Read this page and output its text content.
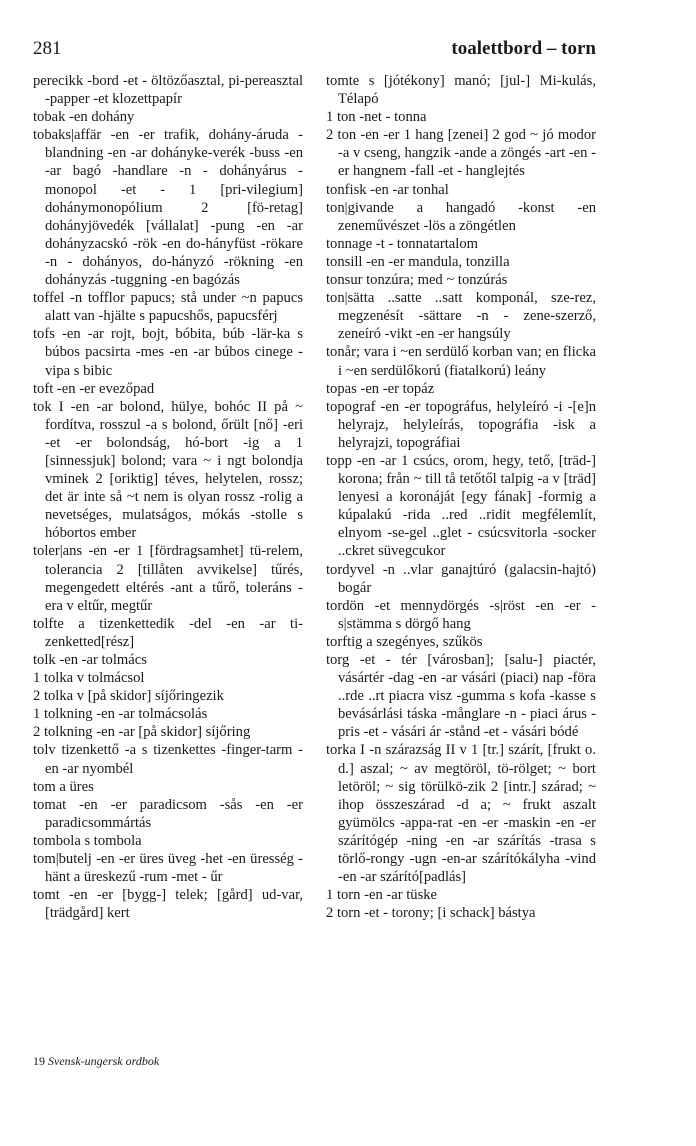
281	toalettbord – torn
perecikk -bord -et - öltözőasztal, pi-pereasztal -papper -et klozettpapír
tobak -en dohány
tobaks|affär -en -er trafik, dohány-áruda -blandning -en -ar dohányke-verék -buss -en -ar bagó -handlare -n - dohányárus -monopol -et - 1 [pri-vilegium] dohánymonopólium 2 [fö-retag] dohányjövedék [vállalat] -pung -en -ar dohányzacskó -rök -en do-hányfüst -rökare -n - dohányos, do-hányzó -rökning -en dohányzás -tuggning -en bagózás
toffel -n tofflor papucs; stå under ~n papucs alatt van -hjälte s papucshős, papucsférj
tofs -en -ar rojt, bojt, bóbita, búb -lär-ka s búbos pacsirta -mes -en -ar búbos cinege -vipa s bibic
toft -en -er evezőpad
tok I -en -ar bolond, hülye, bohóc II på ~ fordítva, rosszul -a s bolond, őrült [nő] -eri -et -er bolondság, hó-bort -ig a 1 [sinnessjuk] bolond; vara ~ i ngt bolondja vminek 2 [oriktig] téves, helytelen, rossz; det är inte så ~t nem is olyan rossz -rolig a nevetséges, mulatságos, mókás -stolle s hóbortos ember
toler|ans -en -er 1 [fördragsamhet] tü-relem, tolerancia 2 [tillåten avvikelse] tűrés, megengedett eltérés -ant a tűrő, toleráns -era v eltűr, megtűr
tolfte a tizenkettedik -del -en -ar ti-zenketted[rész]
tolk -en -ar tolmács
1 tolka v tolmácsol
2 tolka v [på skidor] síjőringezik
1 tolkning -en -ar tolmácsolás
2 tolkning -en -ar [på skidor] síjőring
tolv tizenkettő -a s tizenkettes -finger-tarm -en -ar nyombél
tom a üres
tomat -en -er paradicsom -sås -en -er paradicsommártás
tombola s tombola
tom|butelj -en -er üres üveg -het -en üresség -hänt a üreskezű -rum -met - űr
tomt -en -er [bygg-] telek; [gård] ud-var, [trädgård] kert
tomte s [jótékony] manó; [jul-] Mi-kulás, Télapó
1 ton -net - tonna
2 ton -en -er 1 hang [zenei] 2 god ~ jó modor -a v cseng, hangzik -ande a zöngés -art -en -er hangnem -fall -et - hanglejtés
tonfisk -en -ar tonhal
ton|givande a hangadó -konst -en zeneművészet -lös a zöngétlen
tonnage -t - tonnatartalom
tonsill -en -er mandula, tonzilla
tonsur tonzúra; med ~ tonzúrás
ton|sätta ..satte ..satt komponál, sze-rez, megzenésít -sättare -n - zene-szerző, zeneíró -vikt -en -er hangsúly
tonår; vara i ~en serdülő korban van; en flicka i ~en serdülőkorú (fiatalkorú) leány
topas -en -er topáz
topograf -en -er topográfus, helyleíró -i -[e]n helyrajz, helyleírás, topográfia -isk a helyrajzi, topográfiai
topp -en -ar 1 csúcs, orom, hegy, tető, [träd-] korona; från ~ till tå tetőtől talpig -a v [träd] lenyesi a koronáját [egy fának] -formig a kúpalakú -rida ..red ..ridit megfélemlít, elnyom -se-gel ..glet - csúcsvitorla -socker ..ckret süvegcukor
tordyvel -n ..vlar ganajtúró (galacsin-hajtó) bogár
tordön -et mennydörgés -s|röst -en -er -s|stämma s dörgő hang
torftig a szegényes, szűkös
torg -et - tér [városban]; [salu-] piactér, vásártér -dag -en -ar vásári (piaci) nap -föra ..rde ..rt piacra visz -gumma s kofa -kasse s bevásárlási táska -månglare -n - piaci árus -pris -et - vásári ár -stånd -et - vásári bódé
torka I -n szárazság II v 1 [tr.] szárít, [frukt o. d.] aszal; ~ av megtöröl, tö-rölget; ~ bort letöröl; ~ sig törülkö-zik 2 [intr.] szárad; ~ ihop összeszárad -d a; ~ frukt aszalt gyümölcs -appa-rat -en -er -maskin -en -er szárítógép -ning -en -ar szárítás -trasa s törlő-rongy -ugn -en-ar szárítókályha -vind -en -ar szárító[padlás]
1 torn -en -ar tüske
2 torn -et - torony; [i schack] bástya
19 Svensk-ungersk ordbok
